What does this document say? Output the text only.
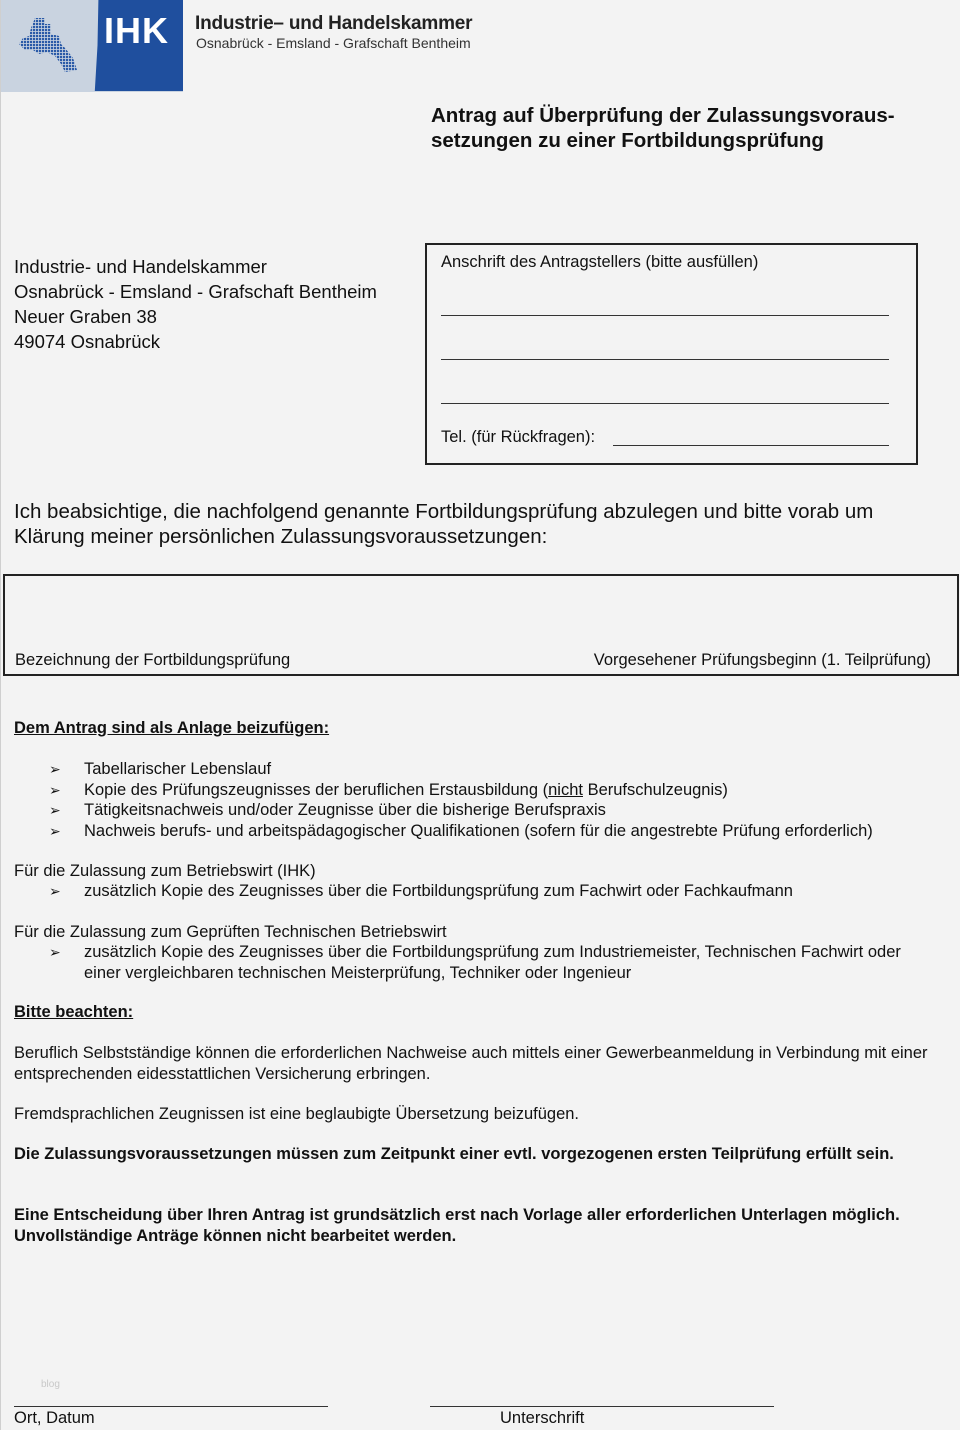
IHK Industrie– und Handelskammer
Osnabrück - Emsland - Grafschaft Bentheim
Antrag auf Überprüfung der Zulassungsvoraus-
setzungen zu einer Fortbildungsprüfung
Industrie- und Handelskammer
Osnabrück - Emsland - Grafschaft Bentheim
Neuer Graben 38
49074 Osnabrück
Anschrift des Antragstellers (bitte ausfüllen)
Tel. (für Rückfragen):
Ich beabsichtige, die nachfolgend genannte Fortbildungsprüfung abzulegen und bitte vorab um Klärung meiner persönlichen Zulassungsvoraussetzungen:
Bezeichnung der Fortbildungsprüfung	Vorgesehener Prüfungsbeginn (1. Teilprüfung)
Dem Antrag sind als Anlage beizufügen:
➢ Tabellarischer Lebenslauf
➢ Kopie des Prüfungszeugnisses der beruflichen Erstausbildung (nicht Berufschulzeugnis)
➢ Tätigkeitsnachweis und/oder Zeugnisse über die bisherige Berufspraxis
➢ Nachweis berufs- und arbeitspädagogischer Qualifikationen (sofern für die angestrebte Prüfung erforderlich)
Für die Zulassung zum Betriebswirt (IHK)
➢ zusätzlich Kopie des Zeugnisses über die Fortbildungsprüfung zum Fachwirt oder Fachkaufmann
Für die Zulassung zum Geprüften Technischen Betriebswirt
➢ zusätzlich Kopie des Zeugnisses über die Fortbildungsprüfung zum Industriemeister, Technischen Fachwirt oder einer vergleichbaren technischen Meisterprüfung, Techniker oder Ingenieur
Bitte beachten:
Beruflich Selbstständige können die erforderlichen Nachweise auch mittels einer Gewerbeanmeldung in Verbindung mit einer entsprechenden eidesstattlichen Versicherung erbringen.
Fremdsprachlichen Zeugnissen ist eine beglaubigte Übersetzung beizufügen.
Die Zulassungsvoraussetzungen müssen zum Zeitpunkt einer evtl. vorgezogenen ersten Teilprüfung erfüllt sein.
Eine Entscheidung über Ihren Antrag ist grundsätzlich erst nach Vorlage aller erforderlichen Unterlagen möglich. Unvollständige Anträge können nicht bearbeitet werden.
blog
Ort, Datum	Unterschrift
